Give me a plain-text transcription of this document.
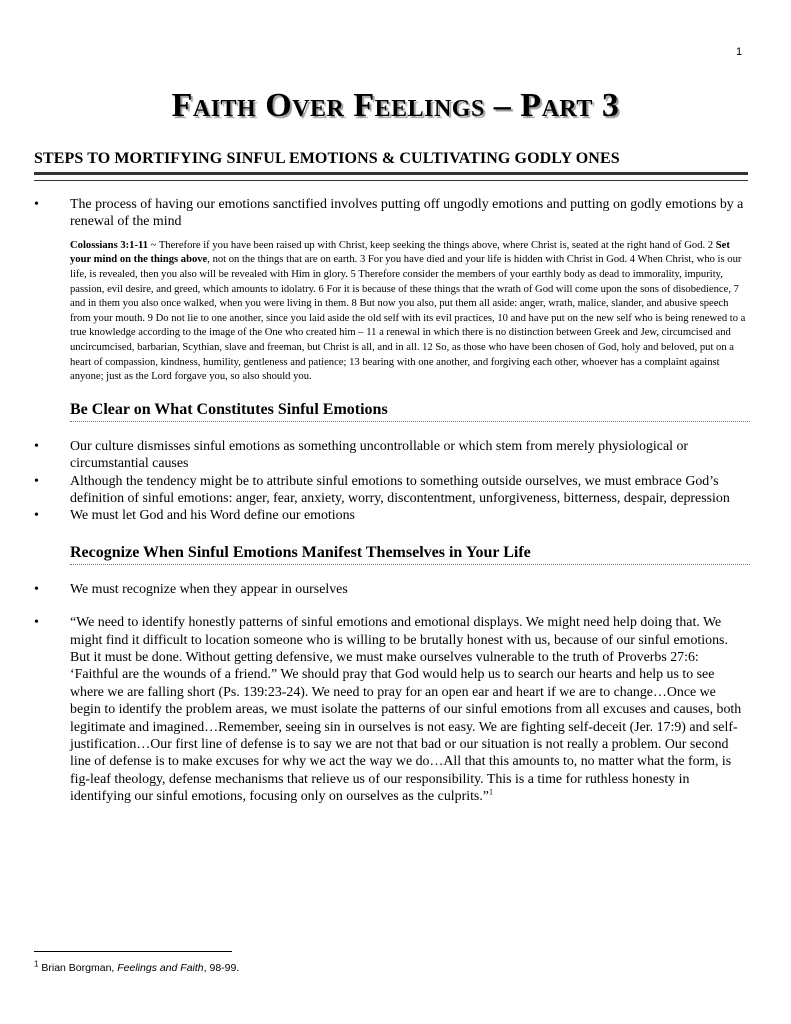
1
Faith Over Feelings – Part 3
STEPS TO MORTIFYING SINFUL EMOTIONS & CULTIVATING GODLY ONES
• The process of having our emotions sanctified involves putting off ungodly emotions and putting on godly emotions by a renewal of the mind

Colossians 3:1-11 ~ Therefore if you have been raised up with Christ, keep seeking the things above, where Christ is, seated at the right hand of God. 2 Set your mind on the things above, not on the things that are on earth. 3 For you have died and your life is hidden with Christ in God. 4 When Christ, who is our life, is revealed, then you also will be revealed with Him in glory. 5 Therefore consider the members of your earthly body as dead to immorality, impurity, passion, evil desire, and greed, which amounts to idolatry. 6 For it is because of these things that the wrath of God will come upon the sons of disobedience, 7 and in them you also once walked, when you were living in them. 8 But now you also, put them all aside: anger, wrath, malice, slander, and abusive speech from your mouth. 9 Do not lie to one another, since you laid aside the old self with its evil practices, 10 and have put on the new self who is being renewed to a true knowledge according to the image of the One who created him – 11 a renewal in which there is no distinction between Greek and Jew, circumcised and uncircumcised, barbarian, Scythian, slave and freeman, but Christ is all, and in all. 12 So, as those who have been chosen of God, holy and beloved, put on a heart of compassion, kindness, humility, gentleness and patience; 13 bearing with one another, and forgiving each other, whoever has a complaint against anyone; just as the Lord forgave you, so also should you.

Be Clear on What Constitutes Sinful Emotions
• Our culture dismisses sinful emotions as something uncontrollable or which stem from merely physiological or circumstantial causes
• Although the tendency might be to attribute sinful emotions to something outside ourselves, we must embrace God’s definition of sinful emotions: anger, fear, anxiety, worry, discontentment, unforgiveness, bitterness, despair, depression
• We must let God and his Word define our emotions
Recognize When Sinful Emotions Manifest Themselves in Your Life
• We must recognize when they appear in ourselves
• “We need to identify honestly patterns of sinful emotions and emotional displays. We might need help doing that. We might find it difficult to location someone who is willing to be brutally honest with us, because of our sinful emotions. But it must be done. Without getting defensive, we must make ourselves vulnerable to the truth of Proverbs 27:6: ‘Faithful are the wounds of a friend.” We should pray that God would help us to search our hearts and help us to see where we are falling short (Ps. 139:23-24). We need to pray for an open ear and heart if we are to change…Once we begin to identify the problem areas, we must isolate the patterns of our sinful emotions from all excuses and causes, both legitimate and imagined…Remember, seeing sin in ourselves is not easy. We are fighting self-deceit (Jer. 17:9) and self-justification…Our first line of defense is to say we are not that bad or our situation is not really a problem. Our second line of defense is to make excuses for why we act the way we do…All that this amounts to, no matter what the form, is fig-leaf theology, defense mechanisms that relieve us of our responsibility. This is a time for ruthless honesty in identifying our sinful emotions, focusing only on ourselves as the culprits.”$^1$
$^1$ Brian Borgman, Feelings and Faith, 98-99.
